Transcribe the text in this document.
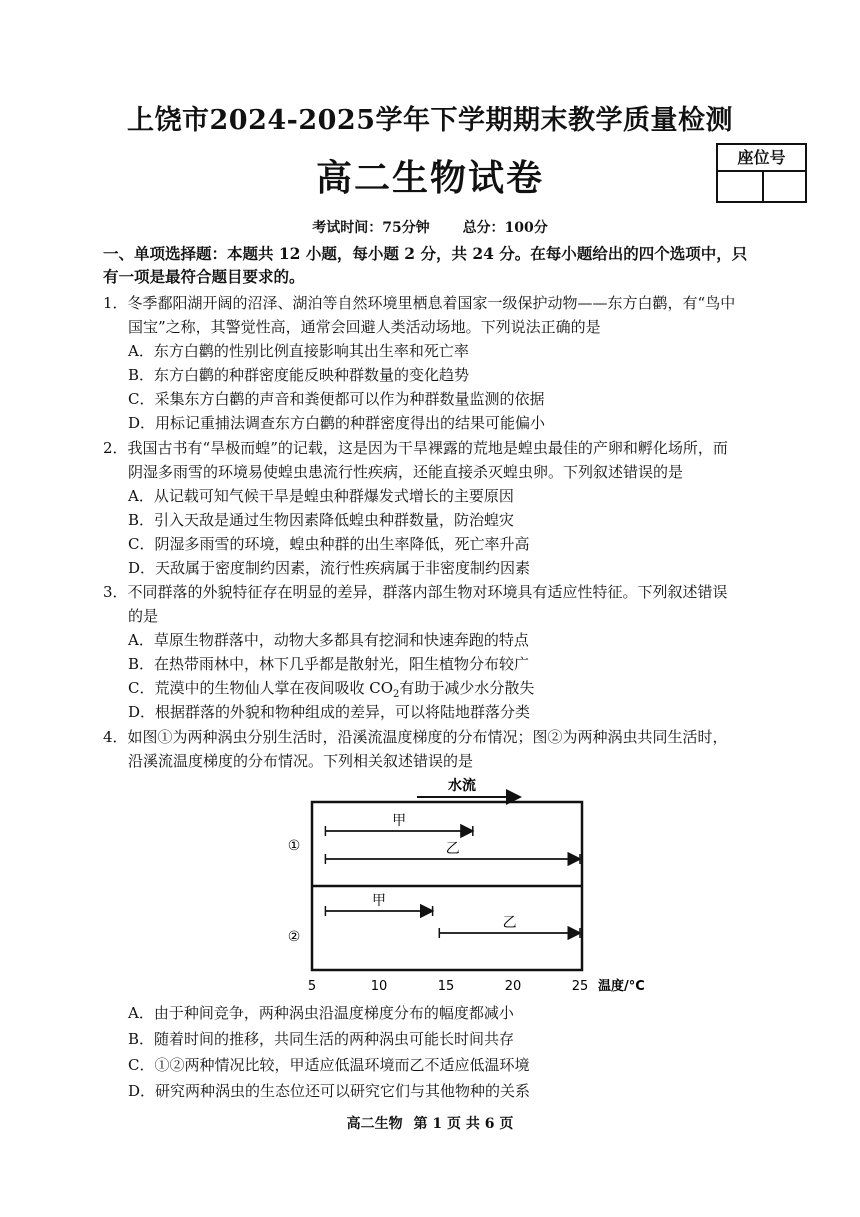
上饶市2024-2025学年下学期期末教学质量检测
高二生物试卷	座位号
考试时间：75分钟 总分：100分
一、单项选择题：本题共 12 小题，每小题 2 分，共 24 分。在每小题给出的四个选项中，只
有一项是最符合题目要求的。
1．冬季鄱阳湖开阔的沼泽、湖泊等自然环境里栖息着国家一级保护动物——东方白鹳，有“鸟中
国宝”之称，其警觉性高，通常会回避人类活动场地。下列说法正确的是
A．东方白鹳的性别比例直接影响其出生率和死亡率
B．东方白鹳的种群密度能反映种群数量的变化趋势
C．采集东方白鹳的声音和粪便都可以作为种群数量监测的依据
D．用标记重捕法调查东方白鹳的种群密度得出的结果可能偏小
2．我国古书有“旱极而蝗”的记载，这是因为干旱裸露的荒地是蝗虫最佳的产卵和孵化场所，而
阴湿多雨雪的环境易使蝗虫患流行性疾病，还能直接杀灭蝗虫卵。下列叙述错误的是
A．从记载可知气候干旱是蝗虫种群爆发式增长的主要原因
B．引入天敌是通过生物因素降低蝗虫种群数量，防治蝗灾
C．阴湿多雨雪的环境，蝗虫种群的出生率降低，死亡率升高
D．天敌属于密度制约因素，流行性疾病属于非密度制约因素
3．不同群落的外貌特征存在明显的差异，群落内部生物对环境具有适应性特征。下列叙述错误
的是
A．草原生物群落中，动物大多都具有挖洞和快速奔跑的特点
B．在热带雨林中，林下几乎都是散射光，阳生植物分布较广
C．荒漠中的生物仙人掌在夜间吸收 $CO_2$有助于减少水分散失
D．根据群落的外貌和物种组成的差异，可以将陆地群落分类
4．如图①为两种涡虫分别生活时，沿溪流温度梯度的分布情况；图②为两种涡虫共同生活时，
沿溪流温度梯度的分布情况。下列相关叙述错误的是
水流
①
②
甲
乙
甲
乙
5	10	15	20	25 温度/°C
A．由于种间竞争，两种涡虫沿温度梯度分布的幅度都减小
B．随着时间的推移，共同生活的两种涡虫可能长时间共存
C．①②两种情况比较，甲适应低温环境而乙不适应低温环境
D．研究两种涡虫的生态位还可以研究它们与其他物种的关系
高二生物 第 1 页 共 6 页
